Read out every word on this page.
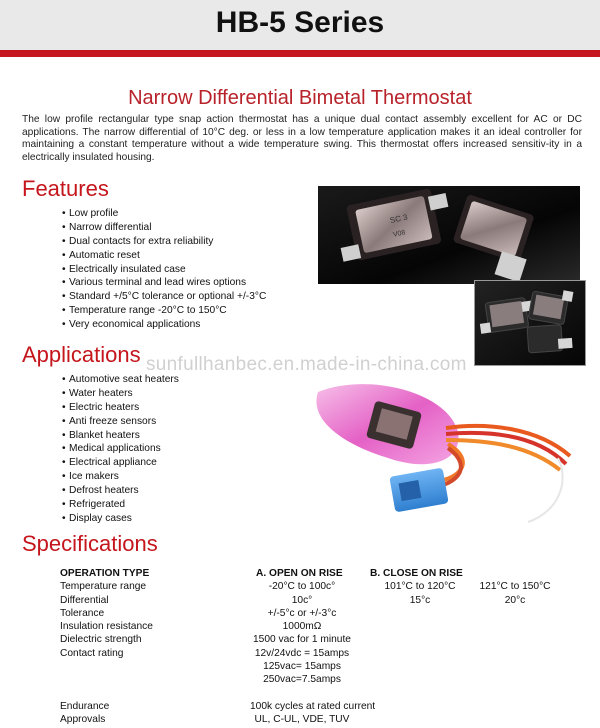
HB-5 Series
Narrow Differential Bimetal Thermostat
The low profile rectangular type snap action thermostat has a unique dual contact assembly excellent for AC or DC applications. The narrow differential of 10°C deg. or less in a low temperature application makes it an ideal controller for maintaining a constant temperature without a wide temperature swing. This thermostat offers increased sensitiv-ity in a electrically insulated housing.
Features
• Low profile
• Narrow differential
• Dual contacts for extra reliability
• Automatic reset
• Electrically insulated case
• Various terminal and lead wires options
• Standard +/5°C tolerance or optional +/-3°C
• Temperature range -20°C to 150°C
• Very economical applications
Applications
• Automotive seat heaters
• Water heaters
• Electric heaters
• Anti freeze sensors
• Blanket heaters
• Medical applications
• Electrical appliance
• Ice makers
• Defrost heaters
• Refrigerated
• Display cases
SC 3
V08
sunfullhanbec.en.made-in-china.com
Specifications
OPERATION TYPE	A. OPEN ON RISE	B. CLOSE ON RISE
Temperature range	-20°C to 100c°	101°C to 120°C	121°C to 150°C
Differential	10c°	15°c	20°c
Tolerance	+/-5°c or +/-3°c
Insulation resistance	1000mΩ
Dielectric strength	1500 vac for 1 minute
Contact rating	12v/24vdc = 15amps
125vac= 15amps
250vac=7.5amps
Endurance	100k cycles at rated current
Approvals	UL, C-UL, VDE, TUV
